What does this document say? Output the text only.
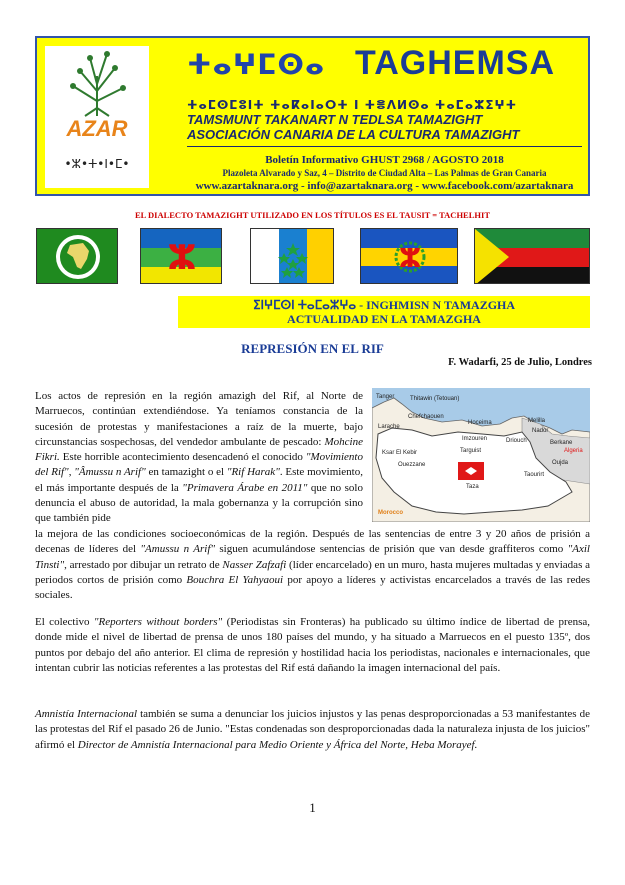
AZAR
•ⵣ•ⵜ•ⵏ•ⵎ•
ⵜⴰⵖⵎⵙⴰ TAGHEMSA
ⵜⴰⵎⵙⵎⵓⵏⵜ ⵜⴰⴽⴰⵏⴰⵔⵜ ⵏ ⵜⴻⴷⵍⵙⴰ ⵜⴰⵎⴰⵣⵉⵖⵜ
TAMSMUNT TAKANART N TEDLSA TAMAZIGHT
ASOCIACIÓN CANARIA DE LA CULTURA TAMAZIGHT
Boletín Informativo GHUST 2968 / AGOSTO 2018
Plazoleta Alvarado y Saz, 4 – Distrito de Ciudad Alta – Las Palmas de Gran Canaria
www.azartaknara.org - info@azartaknara.org - www.facebook.com/azartaknara
EL DIALECTO TAMAZIGHT UTILIZADO EN LOS TÍTULOS ES EL TAUSIT = TACHELHIT
ⵣ	ⵣ
ⵉⵏⵖⵎⵙⵏ ⵜⴰⵎⴰⵣⵖⴰ - INGHMISN N TAMAZGHA
ACTUALIDAD EN LA TAMAZGHA
REPRESIÓN EN EL RIF
F. Wadarfi, 25 de Julio, Londres
Tanger	Thitawin (Tetouan)
Chefchaouen
Larache
Ksar El Kebir
Ouezzane
Hoceima
Imzouren
Targuist
Melilla
Nador
Driouch	Berkane
Algeria
Taza
Taourirt
Oujda
Morocco
Los actos de represión en la región amazigh del Rif, al Norte de Marruecos, continúan extendiéndose. Ya teníamos constancia de la sucesión de protestas y manifestaciones a raíz de la muerte, bajo circunstancias sospechosas, del vendedor ambulante de pescado: Mohcine Fikri. Este horrible acontecimiento desencadenó el conocido "Movimiento del Rif", "Âmussu n Arif" en tamazight o el "Rif Harak". Este movimiento, el más importante después de la "Primavera Árabe en 2011" que no solo denuncia el abuso de autoridad, la mala gobernanza y la corrupción sino que también pide
la mejora de las condiciones socioeconómicas de la región. Después de las sentencias de entre 3 y 20 años de prisión a decenas de líderes del "Amussu n Arif" siguen acumulándose sentencias de prisión que van desde graffiteros como "Axil Tinsti", arrestado por dibujar un retrato de Nasser Zafzafi (líder encarcelado) en un muro, hasta mujeres multadas y enviadas a periodos cortos de prisión como Bouchra El Yahyaoui por apoyo a líderes y activistas encarcelados a través de las redes sociales.
El colectivo "Reporters without borders" (Periodistas sin Fronteras) ha publicado su último índice de libertad de prensa, donde mide el nivel de libertad de prensa de unos 180 países del mundo, y ha situado a Marruecos en el puesto 135º, dos puntos por debajo del año anterior. El clima de represión y hostilidad hacia los periodistas, nacionales e internacionales, que intentan cubrir las noticias referentes a las protestas del Rif está dañando la imagen internacional del país.
Amnistía Internacional también se suma a denunciar los juicios injustos y las penas desproporcionadas a 53 manifestantes de las protestas del Rif el pasado 26 de Junio. "Estas condenadas son desproporcionadas dada la naturaleza injusta de los juicios" afirmó el Director de Amnistía Internacional para Medio Oriente y África del Norte, Heba Morayef.
1
